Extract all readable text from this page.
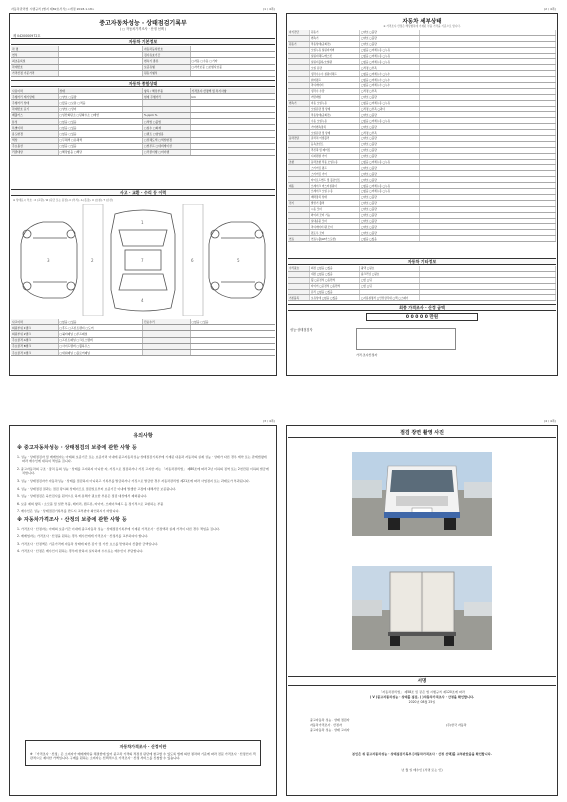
자동차관리법 시행규칙 [별지 제82호서식] <개정 2018.1.18>	(1 / 4쪽)
중고자동차성능 · 상태점검기록부
( ▢ 자동차가격조사 · 산정 선택 )
제 0420000972호
자동차 기본정보
차 명	자동차등록번호
연식	검사유효기간
최초등록일	변속기 종류	▢자동 ▢수동 ▢기타
차대번호	보증유형	▢자가보증 ▢보험사보증
가격산정 기준가격	원동기형식
자동차 종합상태
사용이력	상태	항목 / 해당부품	가격조사·산정액 및 특기사항
주행거리 계기상태	▢양호 ▢불량	현재 주행거리	km
주행거리 상태	▢많음 ▢보통 ▢적음
차대번호 표기	▢양호 ▢상이
배출가스	▢일산화탄소 ▢탄화수소 ▢매연	% ppm %
튜닝	▢없음 ▢있음	▢적법 ▢불법
특별이력	▢없음 ▢있음	▢침수 ▢화재
용도변경	▢없음 ▢있음	▢렌트 ▢영업용
색상	▢무채색 ▢유채색	▢전체도색 ▢색상변경
주요옵션	▢없음 ▢있음	▢썬루프 ▢네비게이션
리콜대상	▢해당없음 ▢해당	▢리콜이행 ▢미이행
사고 · 교환 · 수리 등 이력
※ 상태표시 부호 : X (교환), W (판금 또는 용접), C (부식), A (흠집), U (요철), T (손상)
3
1
7
4
5
2	6
사고이력	▢없음 ▢있음	단순수리	▢없음 ▢있음
외판부위 1랭크	▢후드 ▢프론트펜더 ▢도어
외판부위 2랭크	▢쿼터패널 ▢루프패널
주요골격 A랭크	▢프론트패널 ▢크로스멤버
주요골격 B랭크	▢사이드멤버 ▢휠하우스
주요골격 C랭크	▢대쉬패널 ▢플로어패널
(2 / 4쪽)
자동차 세부상태
※ 가격조사·산정은 해당항목에 기재된 부품 가격을 기준으로 합니다.
자기진단	원동기	▢양호 ▢불량
변속기	▢양호 ▢불량
원동기	작동상태(공회전)	▢양호 ▢불량
오일누유 실린더커버	▢없음 ▢미세누유 ▢누유
실린더헤드/개스킷	▢없음 ▢미세누유 ▢누유
실린더블록/오일팬	▢없음 ▢미세누유 ▢누유
오일 유량	▢적정 ▢부족
냉각수누수 실린더헤드	▢없음 ▢미세누수 ▢누수
워터펌프	▢없음 ▢미세누수 ▢누수
라디에이터	▢없음 ▢미세누수 ▢누수
냉각수 수량	▢적정 ▢부족
커먼레일	▢양호 ▢불량
변속기	자동 오일누유	▢없음 ▢미세누유 ▢누유
오일유량 및 상태	▢적정 ▢부족 ▢과다
작동상태(공회전)	▢양호 ▢불량
수동 오일누유	▢없음 ▢미세누유 ▢누유
기어변속장치	▢양호 ▢불량
오일유량 및 상태	▢적정 ▢부족
동력전달	클러치 어셈블리	▢양호 ▢불량
등속조인트	▢양호 ▢불량
추진축 및 베어링	▢양호 ▢불량
디퍼렌셜 기어	▢양호 ▢불량
조향	동력조향 작동 오일누유	▢없음 ▢미세누유 ▢누유
스티어링 펌프	▢양호 ▢불량
스티어링 기어	▢양호 ▢불량
타이로드엔드 및 볼조인트	▢양호 ▢불량
제동	브레이크 마스터실린더	▢없음 ▢미세누유 ▢누유
브레이크 오일 누유	▢없음 ▢미세누유 ▢누유
배력장치 상태	▢양호 ▢불량
전기	발전기 출력	▢양호 ▢불량
시동 모터	▢양호 ▢불량
와이퍼 모터 기능	▢양호 ▢불량
실내송풍 모터	▢양호 ▢불량
라디에이터 팬 모터	▢양호 ▢불량
윈도우 모터	▢양호 ▢불량
연료	연료누출(LP가스포함)	▢없음 ▢있음
자동차 기타정보
수리필요	외장 ▢없음 ▢있음	광택 ▢필요
내장 ▢없음 ▢있음	룸크리닝 ▢필요
휠 ▢운전석 ▢동반석	▢앞 ▢뒤
타이어 ▢운전석 ▢동반석	▢앞 ▢뒤
유리 ▢없음 ▢있음
기본품목	보유상태 ▢없음 ▢있음	▢사용설명서 ▢안전삼각대 ▢잭 ▢스패너
최종 가격조사 · 산정 금액
0 0 0 0 0 만원
성능·상태점검자
가격·조사산정자
(3 / 4쪽)
유의사항
※ 중고자동차성능 · 상태점검의 보증에 관한 사항 등

1. 성능 · 상태점검자 및 매매업자는 아래의 보증기간 또는 보증거리 이내에 중고자동차성능·상태점검기록부에 기재된 내용과 자동차의 실제 성능 · 상태가 다른 경우 계약 또는 관계법령에 따라 매수인에 대하여 책임을 집니다.

2. 중고자동차의 구조 · 장치 등의 성능 · 상태를 고지하지 아니한 자, 거짓으로 점검하거나 거짓 고지한 자는 「자동차관리법」 제80조에 따라 2년 이하의 징역 또는 2천만원 이하의 벌금에 처합니다.

3. 성능 · 상태점검자가 자동차성능 · 상태를 점검하지 아니하고 기록부를 발급하거나 거짓으로 발급한 경우 자동차관리법 제21조에 따라 사업정지 또는 과태료가 부과됩니다.

4. 성능 · 상태점검 결과는 점검 당시의 상태이므로 점검일로부터 보증기간 이내에 발생한 고장에 대해서만 보증됩니다.

5. 성능 · 상태점검은 육안검사를 원칙으로 하며 분해가 필요한 부분은 점검 대상에서 제외됩니다.

6. 보증 제외 항목 : 소모품 및 일반 부품, 배터리, 램프류, 타이어, 브레이크패드 등 정기적으로 교환하는 부품

7. 매수인은 성능 · 상태점검기록부를 반드시 교부받아 확인하시기 바랍니다.

※ 자동차가격조사 · 산정의 보증에 관한 사항 등

1. 가격조사 · 산정자는 아래의 보증기간 이내에 중고자동차 성능 · 상태점검기록부에 기재된 가격조사 · 산정액과 실제 가격이 다른 경우 책임을 집니다.

2. 매매업자는 가격조사 · 산정을 원하는 경우 매수인에게 가격조사 · 산정서를 교부하여야 합니다.

3. 가격조사 · 산정액은 기준가격에 자동차 상태에 따른 감가 및 가산 요소를 반영하여 산출한 금액입니다.

4. 가격조사 · 산정은 매수인이 원하는 경우에 한하여 실시하며 수수료는 매수인이 부담합니다.

자동차가격조사 · 산정이란
※ 「가격조사 · 산정」은 소비자가 매매계약을 체결함에 있어 중고차 가격의 적정성 판단에 참고할 수 있도록 법에 의한 절차와 기준에 따라 전문 가격조사 · 산정인이 객관적으로 제시한 가액입니다. 구매를 원하는 소비자는 선택적으로 가격조사 · 산정 서비스를 신청할 수 있습니다.
(4 / 4쪽)
점검 장면 촬영 사진
서명
「자동차관리법」 제58조 및 같은 법 시행규칙 제120조에 따라
( V )중고자동차성능 · 상태를 점검, ( )자동차가격조사 · 산정을 확인합니다.
2020년 08월 25일
중고자동차 성능 · 상태 점검자
자동차가격조사 · 산정자
중고자동차 성능 · 상태 고지자
(주)한국 자동차
본인은 위 중고자동차성능 · 상태점검기록부 [자동차가격조사 · 산정 선택]를 교부받았음을 확인합니다.
년 월 일 매수인 (서명 또는 인)
